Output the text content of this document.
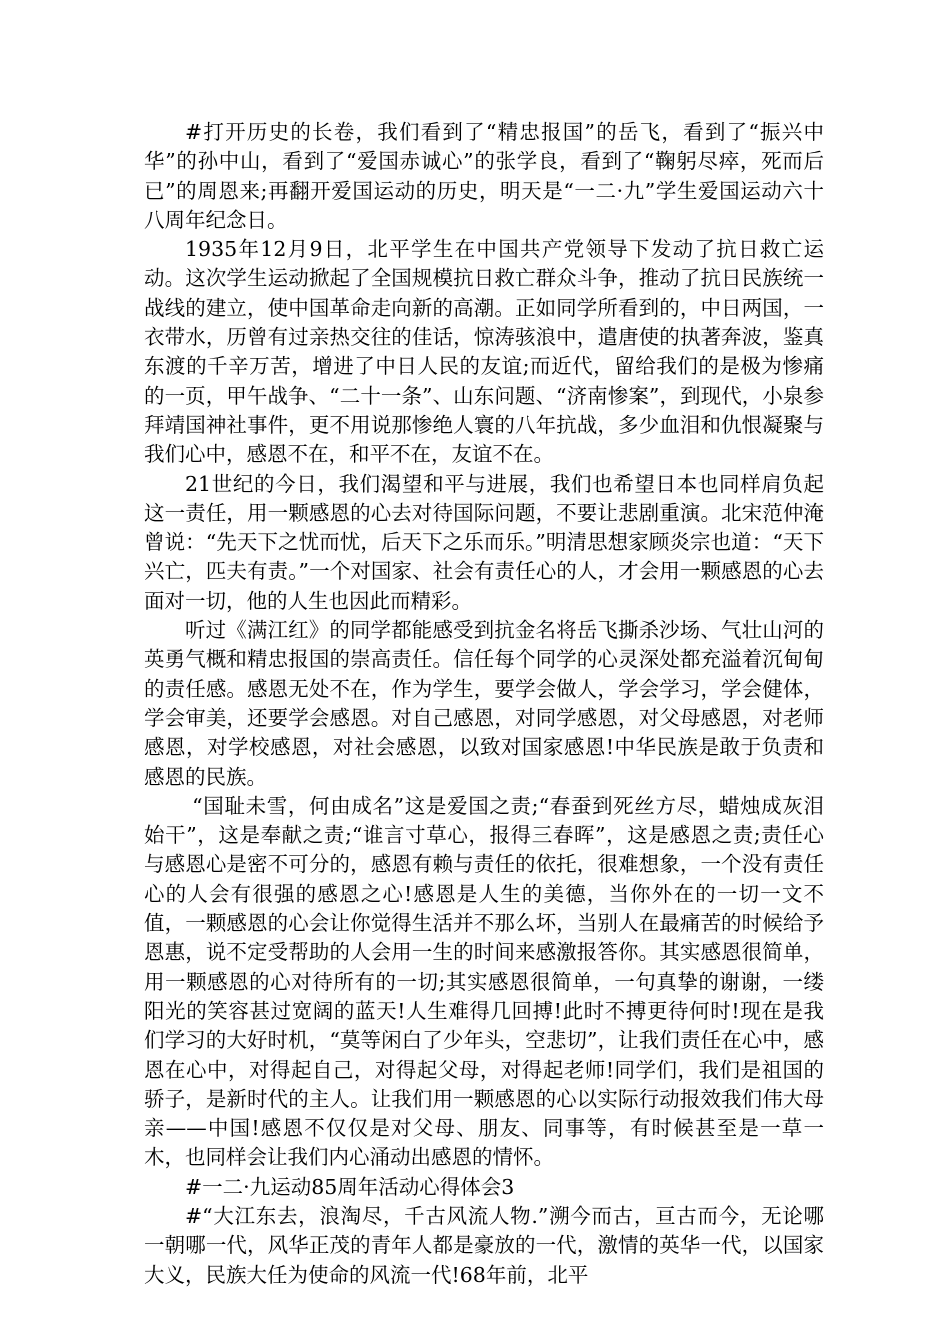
#打开历史的长卷，我们看到了“精忠报国”的岳飞，看到了“振兴中华”的孙中山，看到了“爱国赤诚心”的张学良，看到了“鞠躬尽瘁，死而后已”的周恩来;再翻开爱国运动的历史，明天是“一二·九”学生爱国运动六十八周年纪念日。

1935年12月9日，北平学生在中国共产党领导下发动了抗日救亡运动。这次学生运动掀起了全国规模抗日救亡群众斗争，推动了抗日民族统一战线的建立，使中国革命走向新的高潮。正如同学所看到的，中日两国，一衣带水，历曾有过亲热交往的佳话，惊涛骇浪中，遣唐使的执著奔波，鉴真东渡的千辛万苦，增进了中日人民的友谊;而近代，留给我们的是极为惨痛的一页，甲午战争、“二十一条”、山东问题、“济南惨案”，到现代，小泉参拜靖国神社事件，更不用说那惨绝人寰的八年抗战，多少血泪和仇恨凝聚与我们心中，感恩不在，和平不在，友谊不在。

21世纪的今日，我们渴望和平与进展，我们也希望日本也同样肩负起这一责任，用一颗感恩的心去对待国际问题，不要让悲剧重演。北宋范仲淹曾说：“先天下之忧而忧，后天下之乐而乐。”明清思想家顾炎宗也道：“天下兴亡，匹夫有责。”一个对国家、社会有责任心的人，才会用一颗感恩的心去面对一切，他的人生也因此而精彩。

听过《满江红》的同学都能感受到抗金名将岳飞撕杀沙场、气壮山河的英勇气概和精忠报国的崇高责任。信任每个同学的心灵深处都充溢着沉甸甸的责任感。感恩无处不在，作为学生，要学会做人，学会学习，学会健体，学会审美，还要学会感恩。对自己感恩，对同学感恩，对父母感恩，对老师感恩，对学校感恩，对社会感恩，以致对国家感恩!中华民族是敢于负责和感恩的民族。

“国耻未雪，何由成名”这是爱国之责;“春蚕到死丝方尽，蜡烛成灰泪始干”，这是奉献之责;“谁言寸草心，报得三春晖”，这是感恩之责;责任心与感恩心是密不可分的，感恩有赖与责任的依托，很难想象，一个没有责任心的人会有很强的感恩之心!感恩是人生的美德，当你外在的一切一文不值，一颗感恩的心会让你觉得生活并不那么坏，当别人在最痛苦的时候给予恩惠，说不定受帮助的人会用一生的时间来感激报答你。其实感恩很简单，用一颗感恩的心对待所有的一切;其实感恩很简单，一句真挚的谢谢，一缕阳光的笑容甚过宽阔的蓝天!人生难得几回搏!此时不搏更待何时!现在是我们学习的大好时机，“莫等闲白了少年头，空悲切”，让我们责任在心中，感恩在心中，对得起自己，对得起父母，对得起老师!同学们，我们是祖国的骄子，是新时代的主人。让我们用一颗感恩的心以实际行动报效我们伟大母亲——中国!感恩不仅仅是对父母、朋友、同事等，有时候甚至是一草一木，也同样会让我们内心涌动出感恩的情怀。

#一二·九运动85周年活动心得体会3

#“大江东去，浪淘尽，千古风流人物.”溯今而古，亘古而今，无论哪一朝哪一代，风华正茂的青年人都是豪放的一代，激情的英华一代，以国家大义，民族大任为使命的风流一代!68年前，北平
